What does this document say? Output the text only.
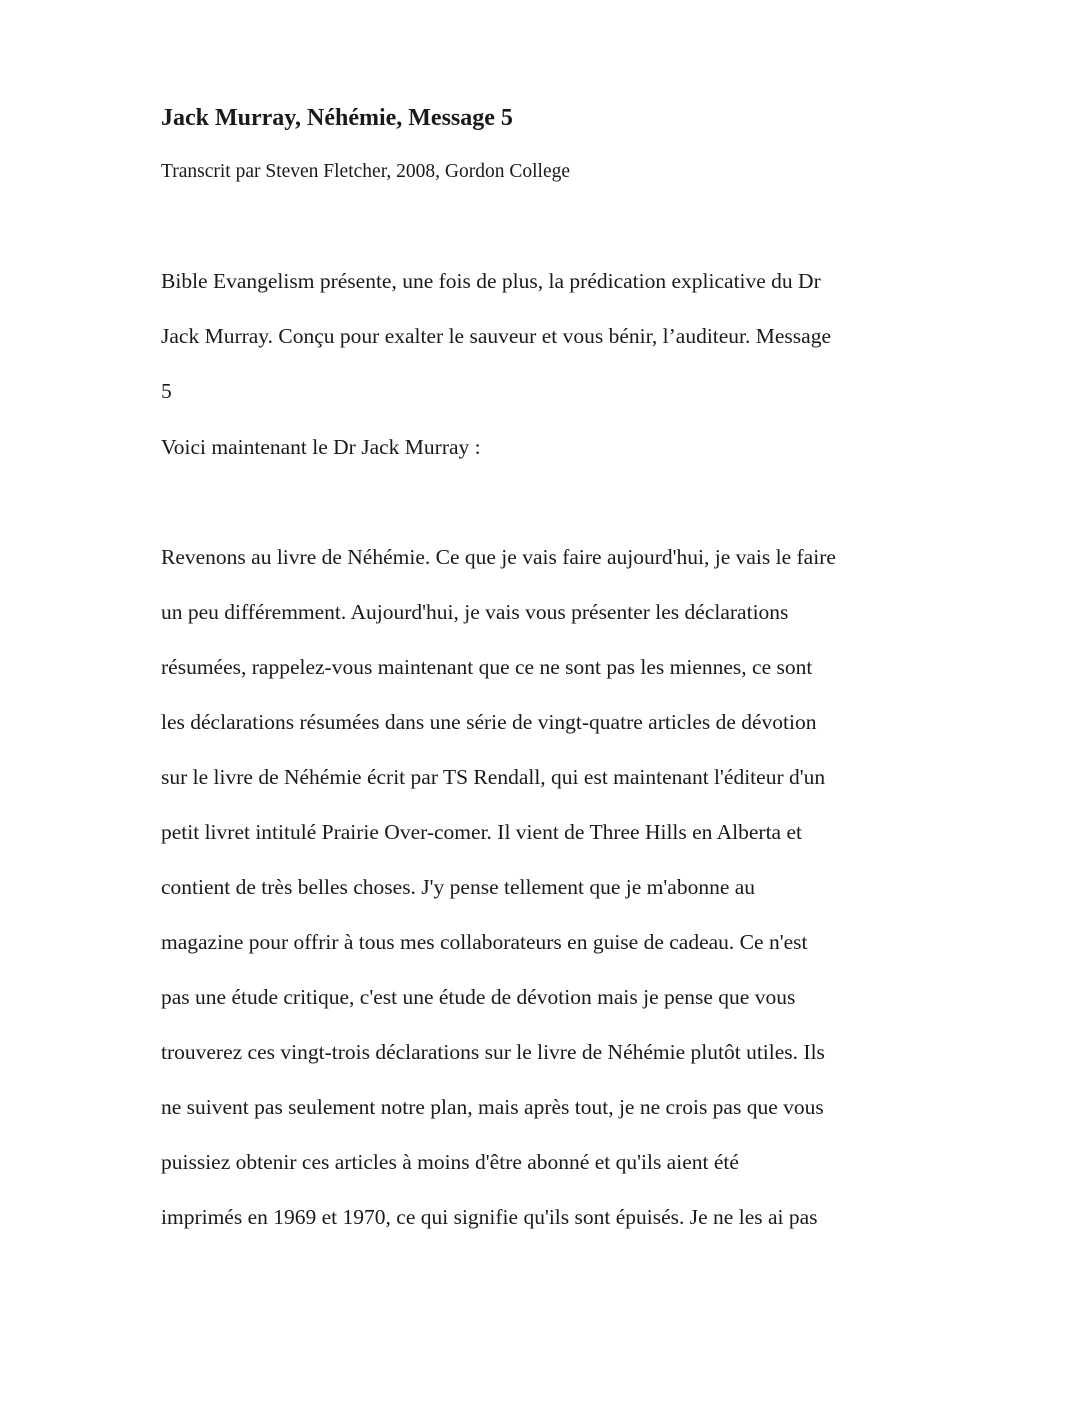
Jack Murray, Néhémie, Message 5

Transcrit par Steven Fletcher, 2008, Gordon College

Bible Evangelism présente, une fois de plus, la prédication explicative du Dr

Jack Murray. Conçu pour exalter le sauveur et vous bénir, l’auditeur. Message

5

Voici maintenant le Dr Jack Murray :

Revenons au livre de Néhémie. Ce que je vais faire aujourd'hui, je vais le faire

un peu différemment. Aujourd'hui, je vais vous présenter les déclarations

résumées, rappelez-vous maintenant que ce ne sont pas les miennes, ce sont

les déclarations résumées dans une série de vingt-quatre articles de dévotion

sur le livre de Néhémie écrit par TS Rendall, qui est maintenant l'éditeur d'un

petit livret intitulé Prairie Over-comer. Il vient de Three Hills en Alberta et

contient de très belles choses. J'y pense tellement que je m'abonne au

magazine pour offrir à tous mes collaborateurs en guise de cadeau. Ce n'est

pas une étude critique, c'est une étude de dévotion mais je pense que vous

trouverez ces vingt-trois déclarations sur le livre de Néhémie plutôt utiles. Ils

ne suivent pas seulement notre plan, mais après tout, je ne crois pas que vous

puissiez obtenir ces articles à moins d'être abonné et qu'ils aient été

imprimés en 1969 et 1970, ce qui signifie qu'ils sont épuisés. Je ne les ai pas
